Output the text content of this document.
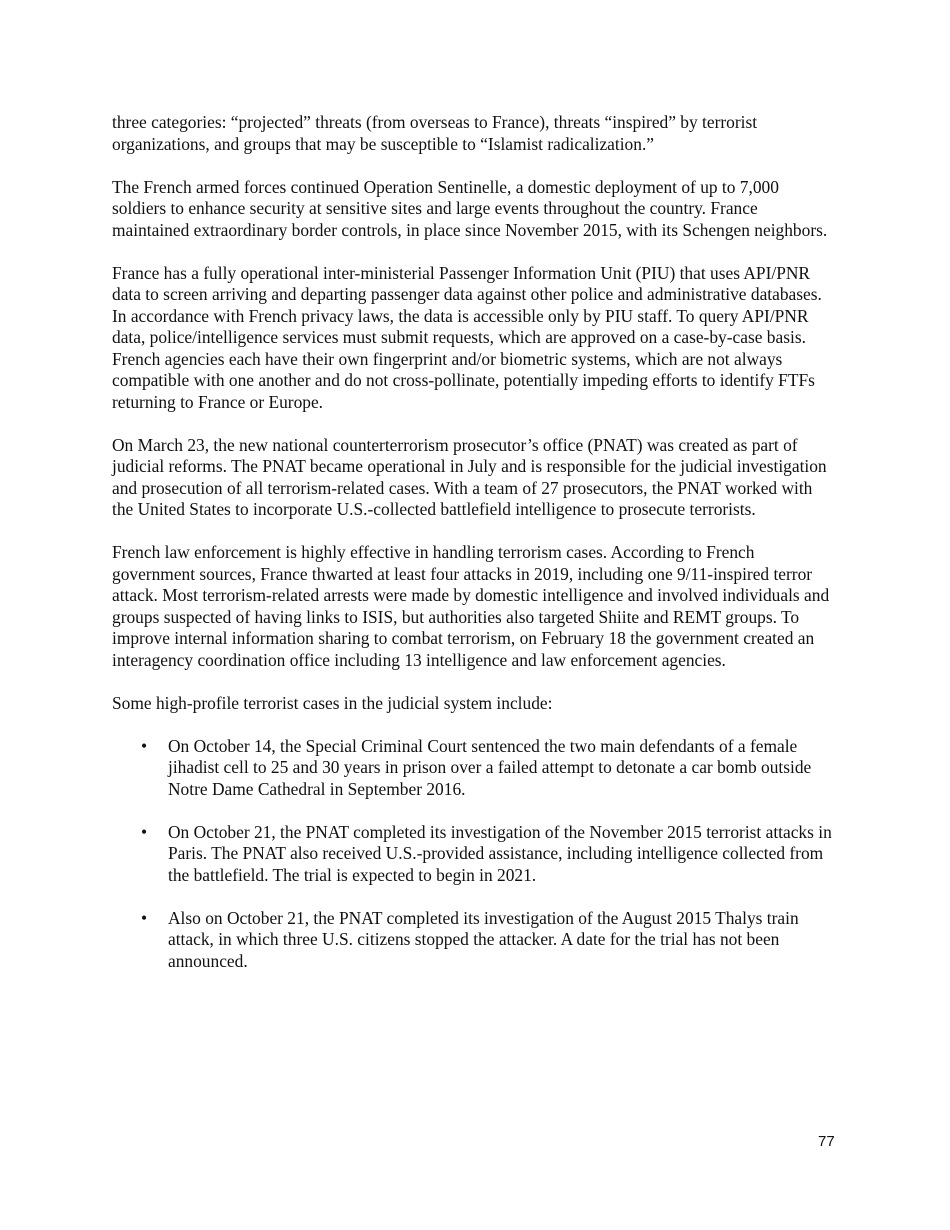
three categories: “projected” threats (from overseas to France), threats “inspired” by terrorist organizations, and groups that may be susceptible to “Islamist radicalization.”

The French armed forces continued Operation Sentinelle, a domestic deployment of up to 7,000 soldiers to enhance security at sensitive sites and large events throughout the country. France maintained extraordinary border controls, in place since November 2015, with its Schengen neighbors.

France has a fully operational inter-ministerial Passenger Information Unit (PIU) that uses API/PNR data to screen arriving and departing passenger data against other police and administrative databases. In accordance with French privacy laws, the data is accessible only by PIU staff. To query API/PNR data, police/intelligence services must submit requests, which are approved on a case-by-case basis. French agencies each have their own fingerprint and/or biometric systems, which are not always compatible with one another and do not cross-pollinate, potentially impeding efforts to identify FTFs returning to France or Europe.

On March 23, the new national counterterrorism prosecutor’s office (PNAT) was created as part of judicial reforms. The PNAT became operational in July and is responsible for the judicial investigation and prosecution of all terrorism-related cases. With a team of 27 prosecutors, the PNAT worked with the United States to incorporate U.S.-collected battlefield intelligence to prosecute terrorists.

French law enforcement is highly effective in handling terrorism cases. According to French government sources, France thwarted at least four attacks in 2019, including one 9/11-inspired terror attack. Most terrorism-related arrests were made by domestic intelligence and involved individuals and groups suspected of having links to ISIS, but authorities also targeted Shiite and REMT groups. To improve internal information sharing to combat terrorism, on February 18 the government created an interagency coordination office including 13 intelligence and law enforcement agencies.

Some high-profile terrorist cases in the judicial system include:

• On October 14, the Special Criminal Court sentenced the two main defendants of a female jihadist cell to 25 and 30 years in prison over a failed attempt to detonate a car bomb outside Notre Dame Cathedral in September 2016.
• On October 21, the PNAT completed its investigation of the November 2015 terrorist attacks in Paris. The PNAT also received U.S.-provided assistance, including intelligence collected from the battlefield. The trial is expected to begin in 2021.
• Also on October 21, the PNAT completed its investigation of the August 2015 Thalys train attack, in which three U.S. citizens stopped the attacker. A date for the trial has not been announced.
77
